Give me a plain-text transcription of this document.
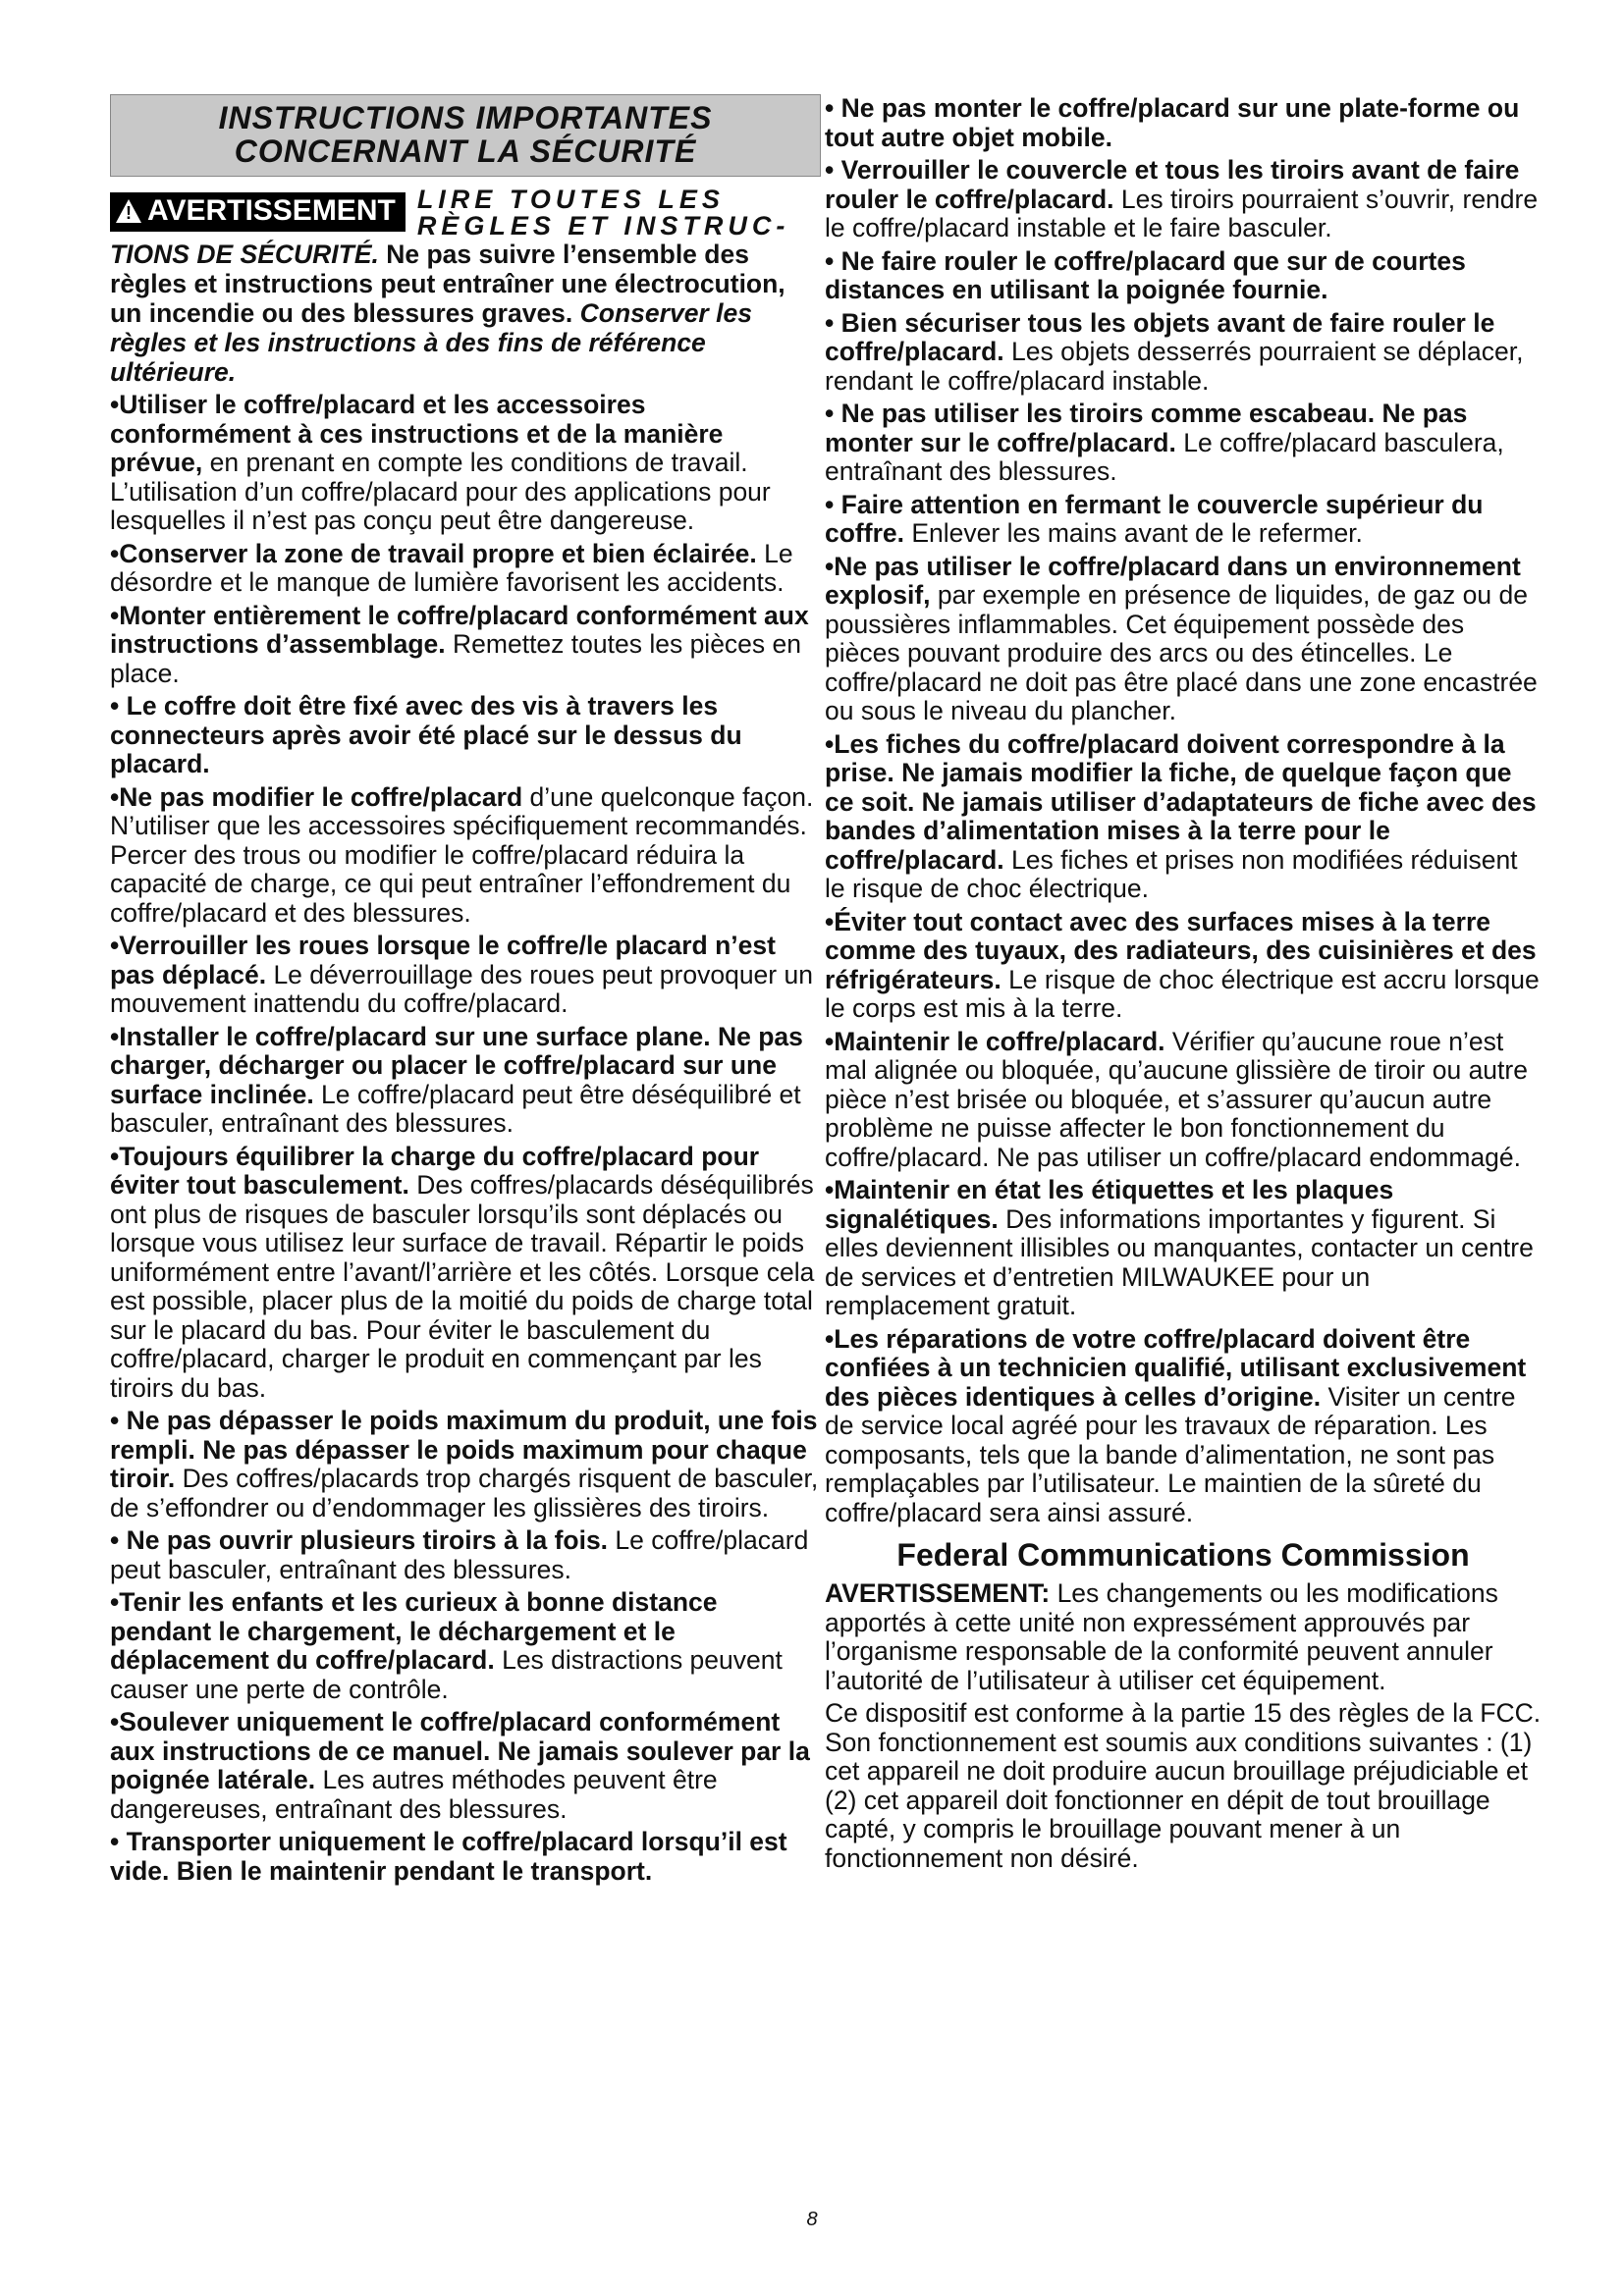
INSTRUCTIONS IMPORTANTES
CONCERNANT LA SÉCURITÉ
!
AVERTISSEMENT LIRE TOUTES LES RÈGLES ET INSTRUC-

TIONS DE SÉCURITÉ. Ne pas suivre l’ensemble des règles et instructions peut entraîner une électrocution, un incendie ou des blessures graves. Conserver les règles et les instructions à des fins de référence ultérieure.

•Utiliser le coffre/placard et les accessoires conformément à ces instructions et de la manière prévue, en prenant en compte les conditions de travail. L’utilisation d’un coffre/placard pour des applications pour lesquelles il n’est pas conçu peut être dangereuse.

•Conserver la zone de travail propre et bien éclairée. Le désordre et le manque de lumière favorisent les accidents.

•Monter entièrement le coffre/placard conformément aux instructions d’assemblage. Remettez toutes les pièces en place.

• Le coffre doit être fixé avec des vis à travers les connecteurs après avoir été placé sur le dessus du placard.

•Ne pas modifier le coffre/placard d’une quelconque façon. N’utiliser que les accessoires spécifiquement recommandés. Percer des trous ou modifier le coffre/placard réduira la capacité de charge, ce qui peut entraîner l’effondrement du coffre/placard et des blessures.

•Verrouiller les roues lorsque le coffre/le placard n’est pas déplacé. Le déverrouillage des roues peut provoquer un mouvement inattendu du coffre/placard.

•Installer le coffre/placard sur une surface plane. Ne pas charger, décharger ou placer le coffre/placard sur une surface inclinée. Le coffre/placard peut être déséquilibré et basculer, entraînant des blessures.

•Toujours équilibrer la charge du coffre/placard pour éviter tout basculement. Des coffres/placards déséquilibrés ont plus de risques de basculer lorsqu’ils sont déplacés ou lorsque vous utilisez leur surface de travail. Répartir le poids uniformément entre l’avant/l’arrière et les côtés. Lorsque cela est possible, placer plus de la moitié du poids de charge total sur le placard du bas. Pour éviter le basculement du coffre/placard, charger le produit en commençant par les tiroirs du bas.

• Ne pas dépasser le poids maximum du produit, une fois rempli. Ne pas dépasser le poids maximum pour chaque tiroir. Des coffres/placards trop chargés risquent de basculer, de s’effondrer ou d’endommager les glissières des tiroirs.

• Ne pas ouvrir plusieurs tiroirs à la fois. Le coffre/placard peut basculer, entraînant des blessures.

•Tenir les enfants et les curieux à bonne distance pendant le chargement, le déchargement et le déplacement du coffre/placard. Les distractions peuvent causer une perte de contrôle.

•Soulever uniquement le coffre/placard conformément aux instructions de ce manuel. Ne jamais soulever par la poignée latérale. Les autres méthodes peuvent être dangereuses, entraînant des blessures.

• Transporter uniquement le coffre/placard lorsqu’il est vide. Bien le maintenir pendant le transport.

• Ne pas monter le coffre/placard sur une plate-forme ou tout autre objet mobile.

• Verrouiller le couvercle et tous les tiroirs avant de faire rouler le coffre/placard. Les tiroirs pourraient s’ouvrir, rendre le coffre/placard instable et le faire basculer.

• Ne faire rouler le coffre/placard que sur de courtes distances en utilisant la poignée fournie.

• Bien sécuriser tous les objets avant de faire rouler le coffre/placard. Les objets desserrés pourraient se déplacer, rendant le coffre/placard instable.

• Ne pas utiliser les tiroirs comme escabeau. Ne pas monter sur le coffre/placard. Le coffre/placard basculera, entraînant des blessures.

• Faire attention en fermant le couvercle supérieur du coffre. Enlever les mains avant de le refermer.

•Ne pas utiliser le coffre/placard dans un environnement explosif, par exemple en présence de liquides, de gaz ou de poussières inflammables. Cet équipement possède des pièces pouvant produire des arcs ou des étincelles. Le coffre/placard ne doit pas être placé dans une zone encastrée ou sous le niveau du plancher.

•Les fiches du coffre/placard doivent correspondre à la prise. Ne jamais modifier la fiche, de quelque façon que ce soit. Ne jamais utiliser d’adaptateurs de fiche avec des bandes d’alimentation mises à la terre pour le coffre/placard. Les fiches et prises non modifiées réduisent le risque de choc électrique.

•Éviter tout contact avec des surfaces mises à la terre comme des tuyaux, des radiateurs, des cuisinières et des réfrigérateurs. Le risque de choc électrique est accru lorsque le corps est mis à la terre.

•Maintenir le coffre/placard. Vérifier qu’aucune roue n’est mal alignée ou bloquée, qu’aucune glissière de tiroir ou autre pièce n’est brisée ou bloquée, et s’assurer qu’aucun autre problème ne puisse affecter le bon fonctionnement du coffre/placard. Ne pas utiliser un coffre/placard endommagé.

•Maintenir en état les étiquettes et les plaques signalétiques. Des informations importantes y figurent. Si elles deviennent illisibles ou manquantes, contacter un centre de services et d’entretien MILWAUKEE pour un remplacement gratuit.

•Les réparations de votre coffre/placard doivent être confiées à un technicien qualifié, utilisant exclusivement des pièces identiques à celles d’origine. Visiter un centre de service local agréé pour les travaux de réparation. Les composants, tels que la bande d’alimentation, ne sont pas remplaçables par l’utilisateur. Le maintien de la sûreté du coffre/placard sera ainsi assuré.

Federal Communications Commission

AVERTISSEMENT: Les changements ou les modifications apportés à cette unité non expressément approuvés par l’organisme responsable de la conformité peuvent annuler l’autorité de l’utilisateur à utiliser cet équipement.

Ce dispositif est conforme à la partie 15 des règles de la FCC. Son fonctionnement est soumis aux conditions suivantes : (1) cet appareil ne doit produire aucun brouillage préjudiciable et (2) cet appareil doit fonctionner en dépit de tout brouillage capté, y compris le brouillage pouvant mener à un fonctionnement non désiré.

8
